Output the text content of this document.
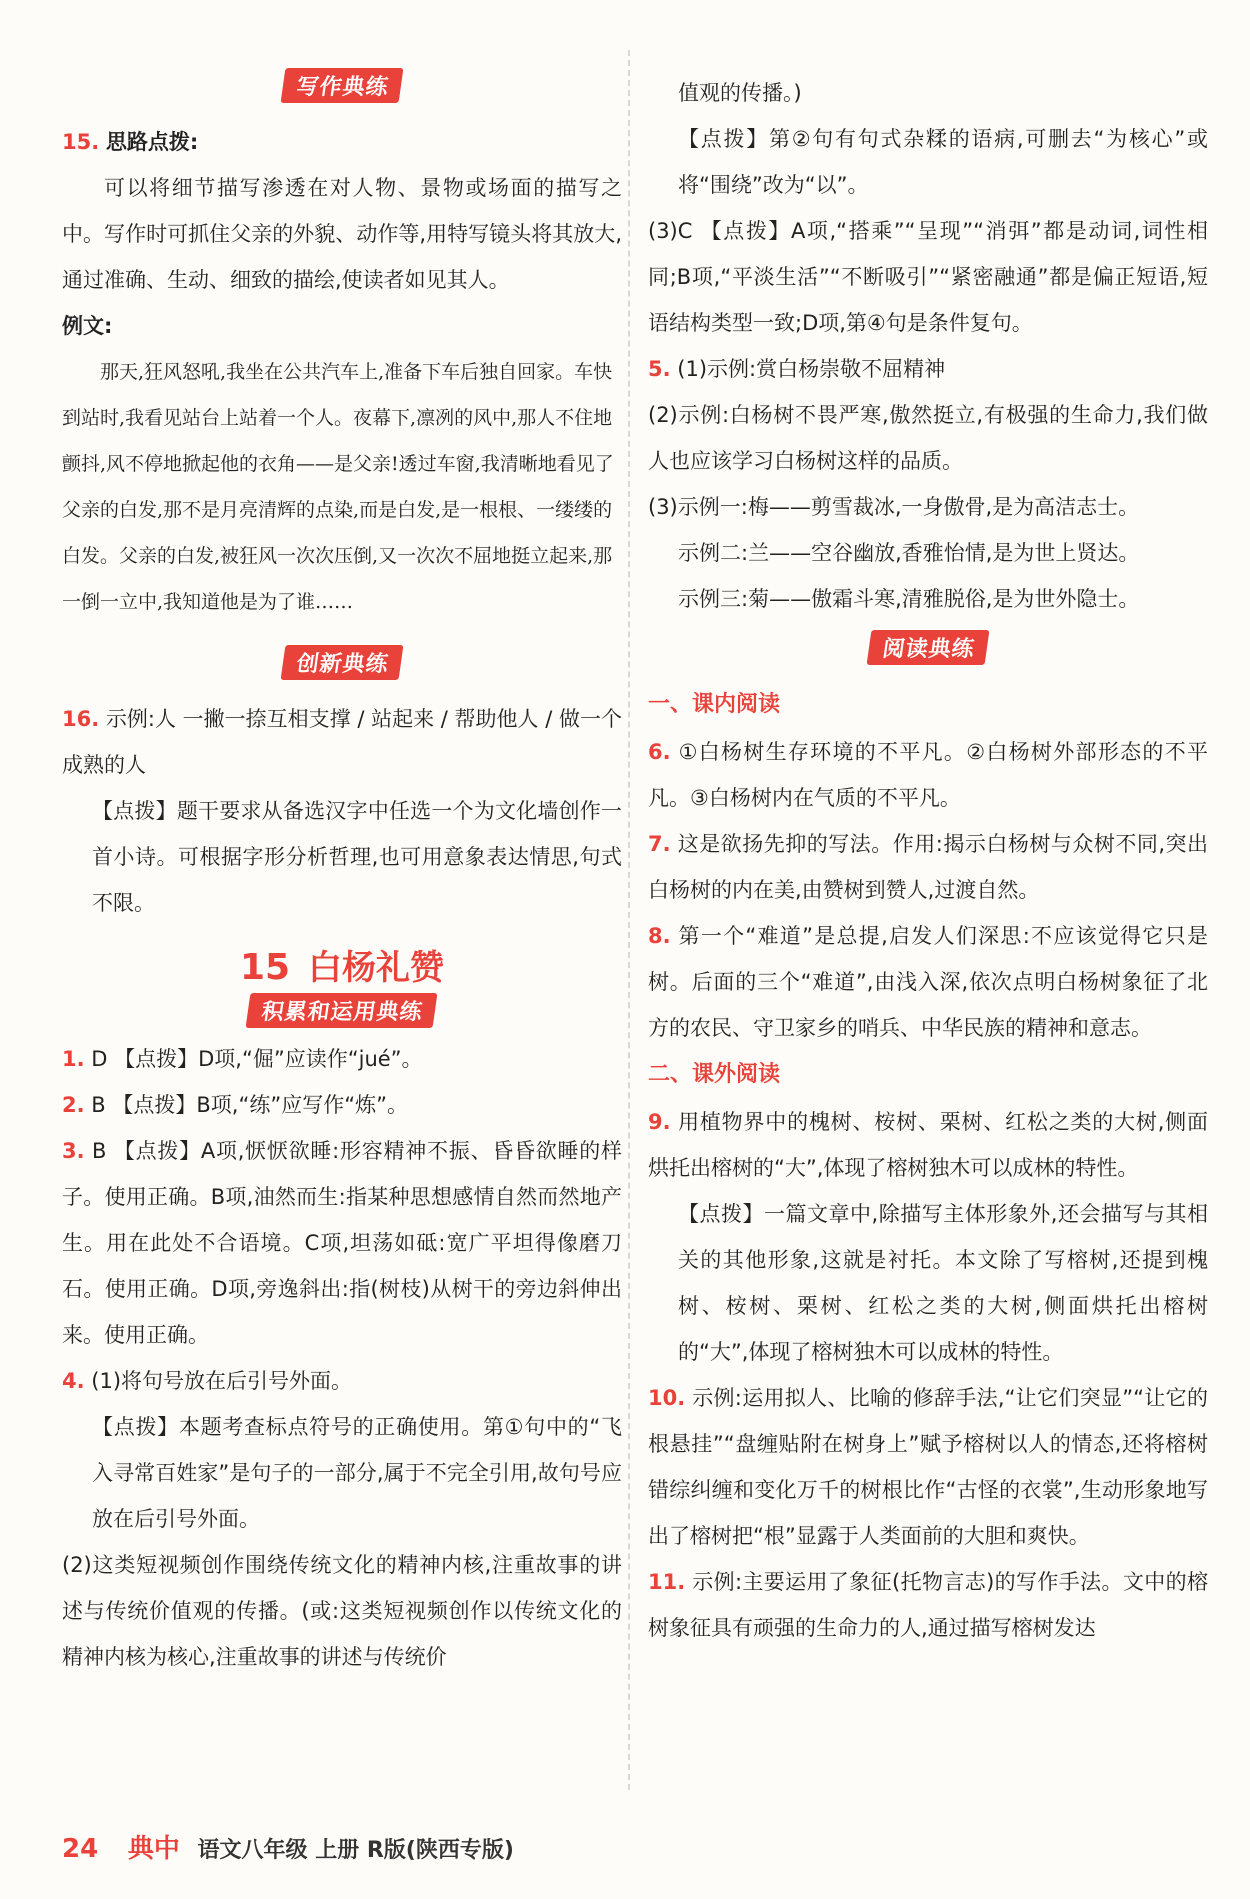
写作典练

15. 思路点拨:

可以将细节描写渗透在对人物、景物或场面的描写之中。写作时可抓住父亲的外貌、动作等,用特写镜头将其放大,通过准确、生动、细致的描绘,使读者如见其人。

例文:

那天,狂风怒吼,我坐在公共汽车上,准备下车后独自回家。车快到站时,我看见站台上站着一个人。夜幕下,凛冽的风中,那人不住地颤抖,风不停地掀起他的衣角——是父亲!透过车窗,我清晰地看见了父亲的白发,那不是月亮清辉的点染,而是白发,是一根根、一缕缕的白发。父亲的白发,被狂风一次次压倒,又一次次不屈地挺立起来,那一倒一立中,我知道他是为了谁……

创新典练

16. 示例:人 一撇一捺互相支撑 / 站起来 / 帮助他人 / 做一个成熟的人

【点拨】题干要求从备选汉字中任选一个为文化墙创作一首小诗。可根据字形分析哲理,也可用意象表达情思,句式不限。

15 白杨礼赞
积累和运用典练

1. D 【点拨】D项,“倔”应读作“jué”。

2. B 【点拨】B项,“练”应写作“炼”。

3. B 【点拨】A项,恹恹欲睡:形容精神不振、昏昏欲睡的样子。使用正确。B项,油然而生:指某种思想感情自然而然地产生。用在此处不合语境。C项,坦荡如砥:宽广平坦得像磨刀石。使用正确。D项,旁逸斜出:指(树枝)从树干的旁边斜伸出来。使用正确。

4. (1)将句号放在后引号外面。

【点拨】本题考查标点符号的正确使用。第①句中的“飞入寻常百姓家”是句子的一部分,属于不完全引用,故句号应放在后引号外面。

(2)这类短视频创作围绕传统文化的精神内核,注重故事的讲述与传统价值观的传播。(或:这类短视频创作以传统文化的精神内核为核心,注重故事的讲述与传统价

值观的传播。)

【点拨】第②句有句式杂糅的语病,可删去“为核心”或将“围绕”改为“以”。

(3)C 【点拨】A项,“搭乘”“呈现”“消弭”都是动词,词性相同;B项,“平淡生活”“不断吸引”“紧密融通”都是偏正短语,短语结构类型一致;D项,第④句是条件复句。

5. (1)示例:赏白杨崇敬不屈精神

(2)示例:白杨树不畏严寒,傲然挺立,有极强的生命力,我们做人也应该学习白杨树这样的品质。

(3)示例一:梅——剪雪裁冰,一身傲骨,是为高洁志士。

示例二:兰——空谷幽放,香雅怡情,是为世上贤达。

示例三:菊——傲霜斗寒,清雅脱俗,是为世外隐士。

阅读典练

一、课内阅读

6. ①白杨树生存环境的不平凡。②白杨树外部形态的不平凡。③白杨树内在气质的不平凡。

7. 这是欲扬先抑的写法。作用:揭示白杨树与众树不同,突出白杨树的内在美,由赞树到赞人,过渡自然。

8. 第一个“难道”是总提,启发人们深思:不应该觉得它只是树。后面的三个“难道”,由浅入深,依次点明白杨树象征了北方的农民、守卫家乡的哨兵、中华民族的精神和意志。

二、课外阅读

9. 用植物界中的槐树、桉树、栗树、红松之类的大树,侧面烘托出榕树的“大”,体现了榕树独木可以成林的特性。

【点拨】一篇文章中,除描写主体形象外,还会描写与其相关的其他形象,这就是衬托。本文除了写榕树,还提到槐树、桉树、栗树、红松之类的大树,侧面烘托出榕树的“大”,体现了榕树独木可以成林的特性。

10. 示例:运用拟人、比喻的修辞手法,“让它们突显”“让它的根悬挂”“盘缠贴附在树身上”赋予榕树以人的情态,还将榕树错综纠缠和变化万千的树根比作“古怪的衣裳”,生动形象地写出了榕树把“根”显露于人类面前的大胆和爽快。

11. 示例:主要运用了象征(托物言志)的写作手法。文中的榕树象征具有顽强的生命力的人,通过描写榕树发达

24 典中 语文八年级 上册 R版(陕西专版)
